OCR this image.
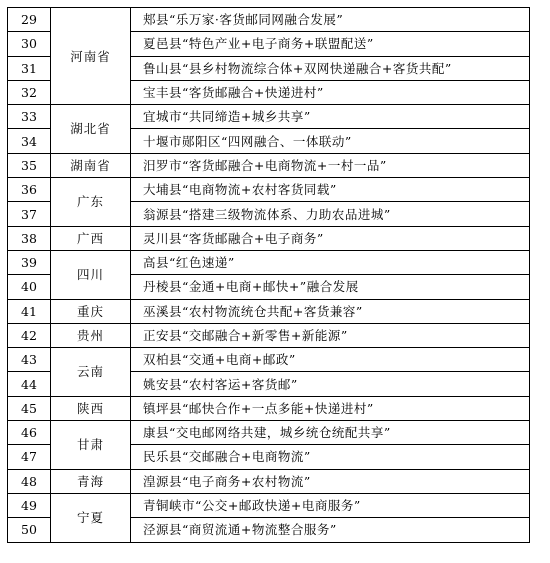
29	河南省	郏县“乐万家·客货邮同网融合发展”
30		夏邑县“特色产业+电子商务+联盟配送”
31		鲁山县“县乡村物流综合体+双网快递融合+客货共配”
32		宝丰县“客货邮融合+快递进村”
33	湖北省	宜城市“共同缔造+城乡共享”
34		十堰市郧阳区“四网融合、一体联动”
35	湖南省	汨罗市“客货邮融合+电商物流+一村一品”
36	广东	大埔县“电商物流+农村客货同载”
37		翁源县“搭建三级物流体系、力助农品进城”
38	广西	灵川县“客货邮融合+电子商务”
39	四川	高县“红色速递”
40		丹棱县“金通+电商+邮快+”融合发展
41	重庆	巫溪县“农村物流统仓共配+客货兼容”
42	贵州	正安县“交邮融合+新零售+新能源”
43	云南	双柏县“交通+电商+邮政”
44		姚安县“农村客运+客货邮”
45	陕西	镇坪县“邮快合作+一点多能+快递进村”
46	甘肃	康县“交电邮网络共建，城乡统仓统配共享”
47		民乐县“交邮融合+电商物流”
48	青海	湟源县“电子商务+农村物流”
49	宁夏	青铜峡市“公交+邮政快递+电商服务”
50		泾源县“商贸流通+物流整合服务”
